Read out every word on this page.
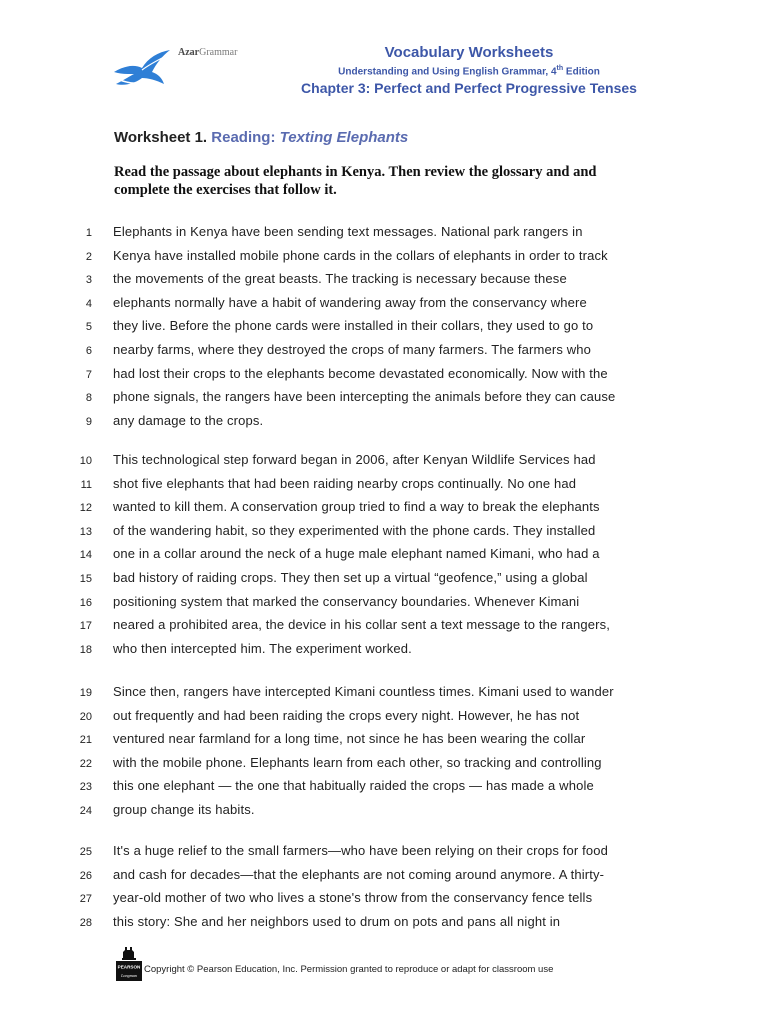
AzarGrammar	Vocabulary Worksheets
Understanding and Using English Grammar, 4th Edition
Chapter 3: Perfect and Perfect Progressive Tenses
Worksheet 1. Reading: Texting Elephants
Read the passage about elephants in Kenya. Then review the glossary and and complete the exercises that follow it.
1 Elephants in Kenya have been sending text messages. National park rangers in
2 Kenya have installed mobile phone cards in the collars of elephants in order to track
3 the movements of the great beasts. The tracking is necessary because these
4 elephants normally have a habit of wandering away from the conservancy where
5 they live. Before the phone cards were installed in their collars, they used to go to
6 nearby farms, where they destroyed the crops of many farmers. The farmers who
7 had lost their crops to the elephants become devastated economically. Now with the
8 phone signals, the rangers have been intercepting the animals before they can cause
9 any damage to the crops.
10 This technological step forward began in 2006, after Kenyan Wildlife Services had
11 shot five elephants that had been raiding nearby crops continually. No one had
12 wanted to kill them. A conservation group tried to find a way to break the elephants
13 of the wandering habit, so they experimented with the phone cards. They installed
14 one in a collar around the neck of a huge male elephant named Kimani, who had a
15 bad history of raiding crops. They then set up a virtual “geofence,” using a global
16 positioning system that marked the conservancy boundaries. Whenever Kimani
17 neared a prohibited area, the device in his collar sent a text message to the rangers,
18 who then intercepted him. The experiment worked.
19 Since then, rangers have intercepted Kimani countless times. Kimani used to wander
20 out frequently and had been raiding the crops every night. However, he has not
21 ventured near farmland for a long time, not since he has been wearing the collar
22 with the mobile phone. Elephants learn from each other, so tracking and controlling
23 this one elephant — the one that habitually raided the crops — has made a whole
24 group change its habits.
25 It's a huge relief to the small farmers—who have been relying on their crops for food
26 and cash for decades—that the elephants are not coming around anymore. A thirty-
27 year-old mother of two who lives a stone's throw from the conservancy fence tells
28 this story: She and her neighbors used to drum on pots and pans all night in
PEARSON
Longman
Copyright © Pearson Education, Inc. Permission granted to reproduce or adapt for classroom use
